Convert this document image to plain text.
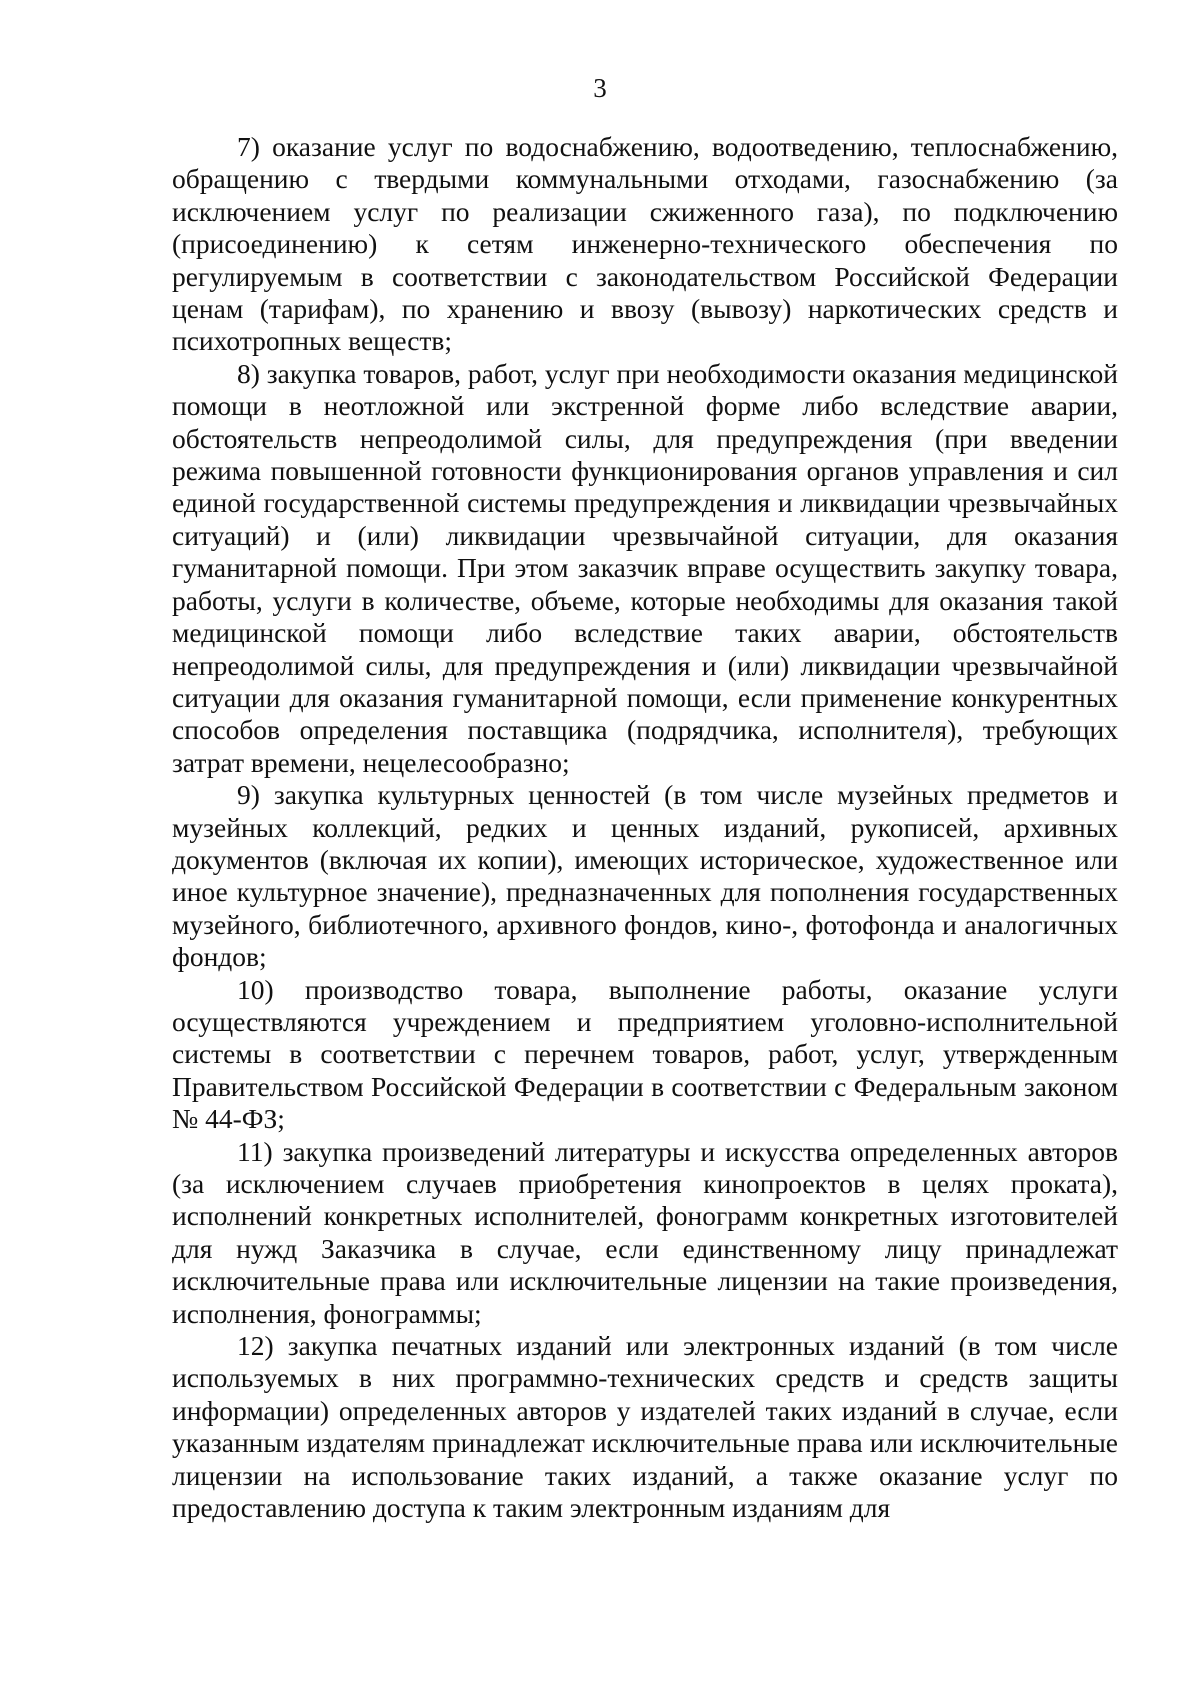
3

7) оказание услуг по водоснабжению, водоотведению, теплоснабжению, обращению с твердыми коммунальными отходами, газоснабжению (за исключением услуг по реализации сжиженного газа), по подключению (присоединению) к сетям инженерно-технического обеспечения по регулируемым в соответствии с законодательством Российской Федерации ценам (тарифам), по хранению и ввозу (вывозу) наркотических средств и психотропных веществ;

8) закупка товаров, работ, услуг при необходимости оказания медицинской помощи в неотложной или экстренной форме либо вследствие аварии, обстоятельств непреодолимой силы, для предупреждения (при введении режима повышенной готовности функционирования органов управления и сил единой государственной системы предупреждения и ликвидации чрезвычайных ситуаций) и (или) ликвидации чрезвычайной ситуации, для оказания гуманитарной помощи. При этом заказчик вправе осуществить закупку товара, работы, услуги в количестве, объеме, которые необходимы для оказания такой медицинской помощи либо вследствие таких аварии, обстоятельств непреодолимой силы, для предупреждения и (или) ликвидации чрезвычайной ситуации для оказания гуманитарной помощи, если применение конкурентных способов определения поставщика (подрядчика, исполнителя), требующих затрат времени, нецелесообразно;

9) закупка культурных ценностей (в том числе музейных предметов и музейных коллекций, редких и ценных изданий, рукописей, архивных документов (включая их копии), имеющих историческое, художественное или иное культурное значение), предназначенных для пополнения государственных музейного, библиотечного, архивного фондов, кино-, фотофонда и аналогичных фондов;

10) производство товара, выполнение работы, оказание услуги осуществляются учреждением и предприятием уголовно-исполнительной системы в соответствии с перечнем товаров, работ, услуг, утвержденным Правительством Российской Федерации в соответствии с Федеральным законом № 44-ФЗ;

11) закупка произведений литературы и искусства определенных авторов (за исключением случаев приобретения кинопроектов в целях проката), исполнений конкретных исполнителей, фонограмм конкретных изготовителей для нужд Заказчика в случае, если единственному лицу принадлежат исключительные права или исключительные лицензии на такие произведения, исполнения, фонограммы;

12) закупка печатных изданий или электронных изданий (в том числе используемых в них программно-технических средств и средств защиты информации) определенных авторов у издателей таких изданий в случае, если указанным издателям принадлежат исключительные права или исключительные лицензии на использование таких изданий, а также оказание услуг по предоставлению доступа к таким электронным изданиям для
